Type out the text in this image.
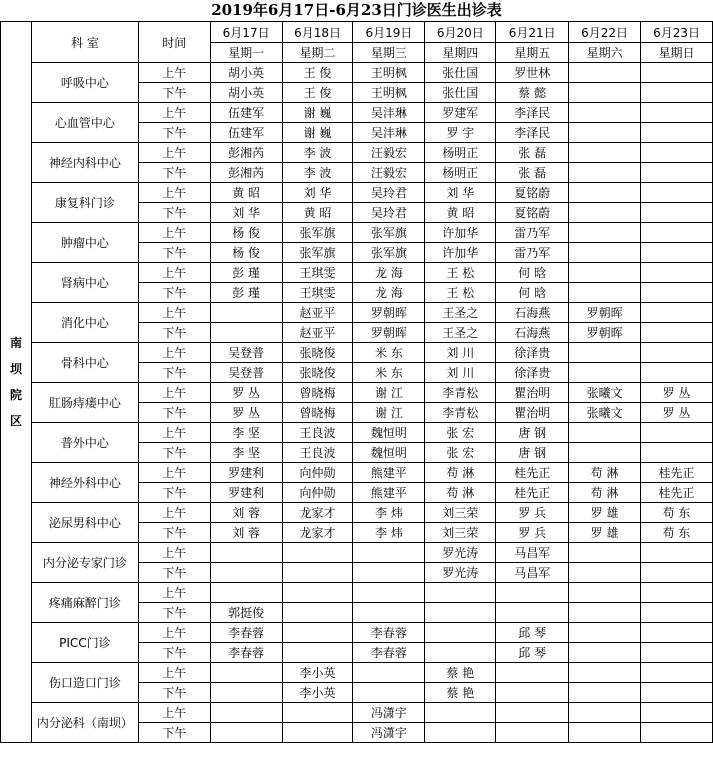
2019年6月17日-6月23日门诊医生出诊表
南坝院区	科 室	时间	6月17日	6月18日	6月19日	6月20日	6月21日	6月22日	6月23日
			星期一	星期二	星期三	星期四	星期五	星期六	星期日
	呼吸中心	上午	胡小英	王 俊	王明枫	张仕国	罗世林		
		下午	胡小英	王 俊	王明枫	张仕国	蔡 懿		
	心血管中心	上午	伍建军	谢 巍	吴沣琳	罗建军	李泽民		
		下午	伍建军	谢 巍	吴沣琳	罗 宇	李泽民		
	神经内科中心	上午	彭湘芮	李 波	汪毅宏	杨明正	张 磊		
		下午	彭湘芮	李 波	汪毅宏	杨明正	张 磊		
	康复科门诊	上午	黄 昭	刘 华	吴玲君	刘 华	夏铭蔚		
		下午	刘 华	黄 昭	吴玲君	黄 昭	夏铭蔚		
	肿瘤中心	上午	杨 俊	张军旗	张军旗	许加华	雷乃军		
		下午	杨 俊	张军旗	张军旗	许加华	雷乃军		
	肾病中心	上午	彭 瑾	王琪雯	龙 海	王 松	何 晗		
		下午	彭 瑾	王琪雯	龙 海	王 松	何 晗		
	消化中心	上午		赵亚平	罗朝晖	王圣之	石海燕	罗朝晖	
		下午		赵亚平	罗朝晖	王圣之	石海燕	罗朝晖	
	骨科中心	上午	吴登普	张晓俊	米 东	刘 川	徐泽贵		
		下午	吴登普	张晓俊	米 东	刘 川	徐泽贵		
	肛肠痔瘘中心	上午	罗 丛	曾晓梅	谢 江	李青松	瞿治明	张曦文	罗 丛
		下午	罗 丛	曾晓梅	谢 江	李青松	瞿治明	张曦文	罗 丛
	普外中心	上午	李 坚	王良波	魏恒明	张 宏	唐 钢		
		下午	李 坚	王良波	魏恒明	张 宏	唐 钢		
	神经外科中心	上午	罗建利	向仲勋	熊建平	苟 淋	桂先正	苟 淋	桂先正
		下午	罗建利	向仲勋	熊建平	苟 淋	桂先正	苟 淋	桂先正
	泌尿男科中心	上午	刘 蓉	龙家才	李 炜	刘三荣	罗 兵	罗 雄	苟 东
		下午	刘 蓉	龙家才	李 炜	刘三荣	罗 兵	罗 雄	苟 东
	内分泌专家门诊	上午				罗光涛	马昌军		
		下午				罗光涛	马昌军		
	疼痛麻醉门诊	上午							
		下午	郭挺俊						
	PICC门诊	上午	李春蓉		李春蓉		邱 琴		
		下午	李春蓉		李春蓉		邱 琴		
	伤口造口门诊	上午		李小英		蔡 艳			
		下午		李小英		蔡 艳			
	内分泌科（南坝）	上午			冯潇宇				
		下午			冯潇宇				
